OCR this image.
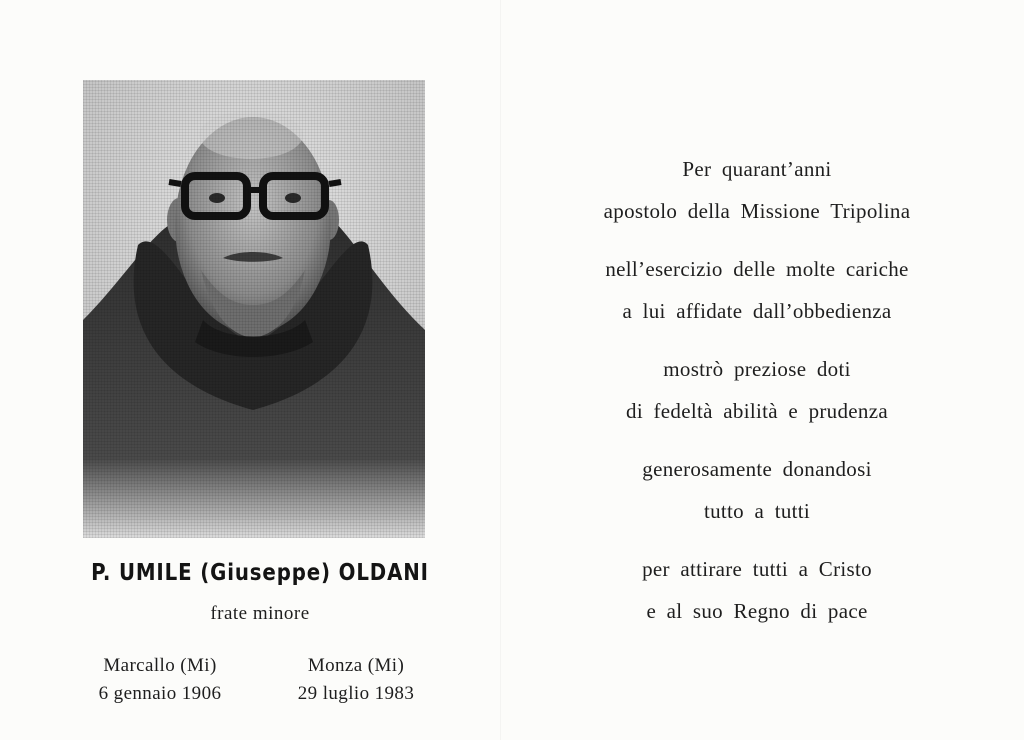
P. UMILE (Giuseppe) OLDANI
frate minore
Marcallo (Mi)
6 gennaio 1906
Monza (Mi)
29 luglio 1983
Per quarant’anni
apostolo della Missione Tripolina
nell’esercizio delle molte cariche
a lui affidate dall’obbedienza
mostrò preziose doti
di fedeltà abilità e prudenza
generosamente donandosi
tutto a tutti
per attirare tutti a Cristo
e al suo Regno di pace
